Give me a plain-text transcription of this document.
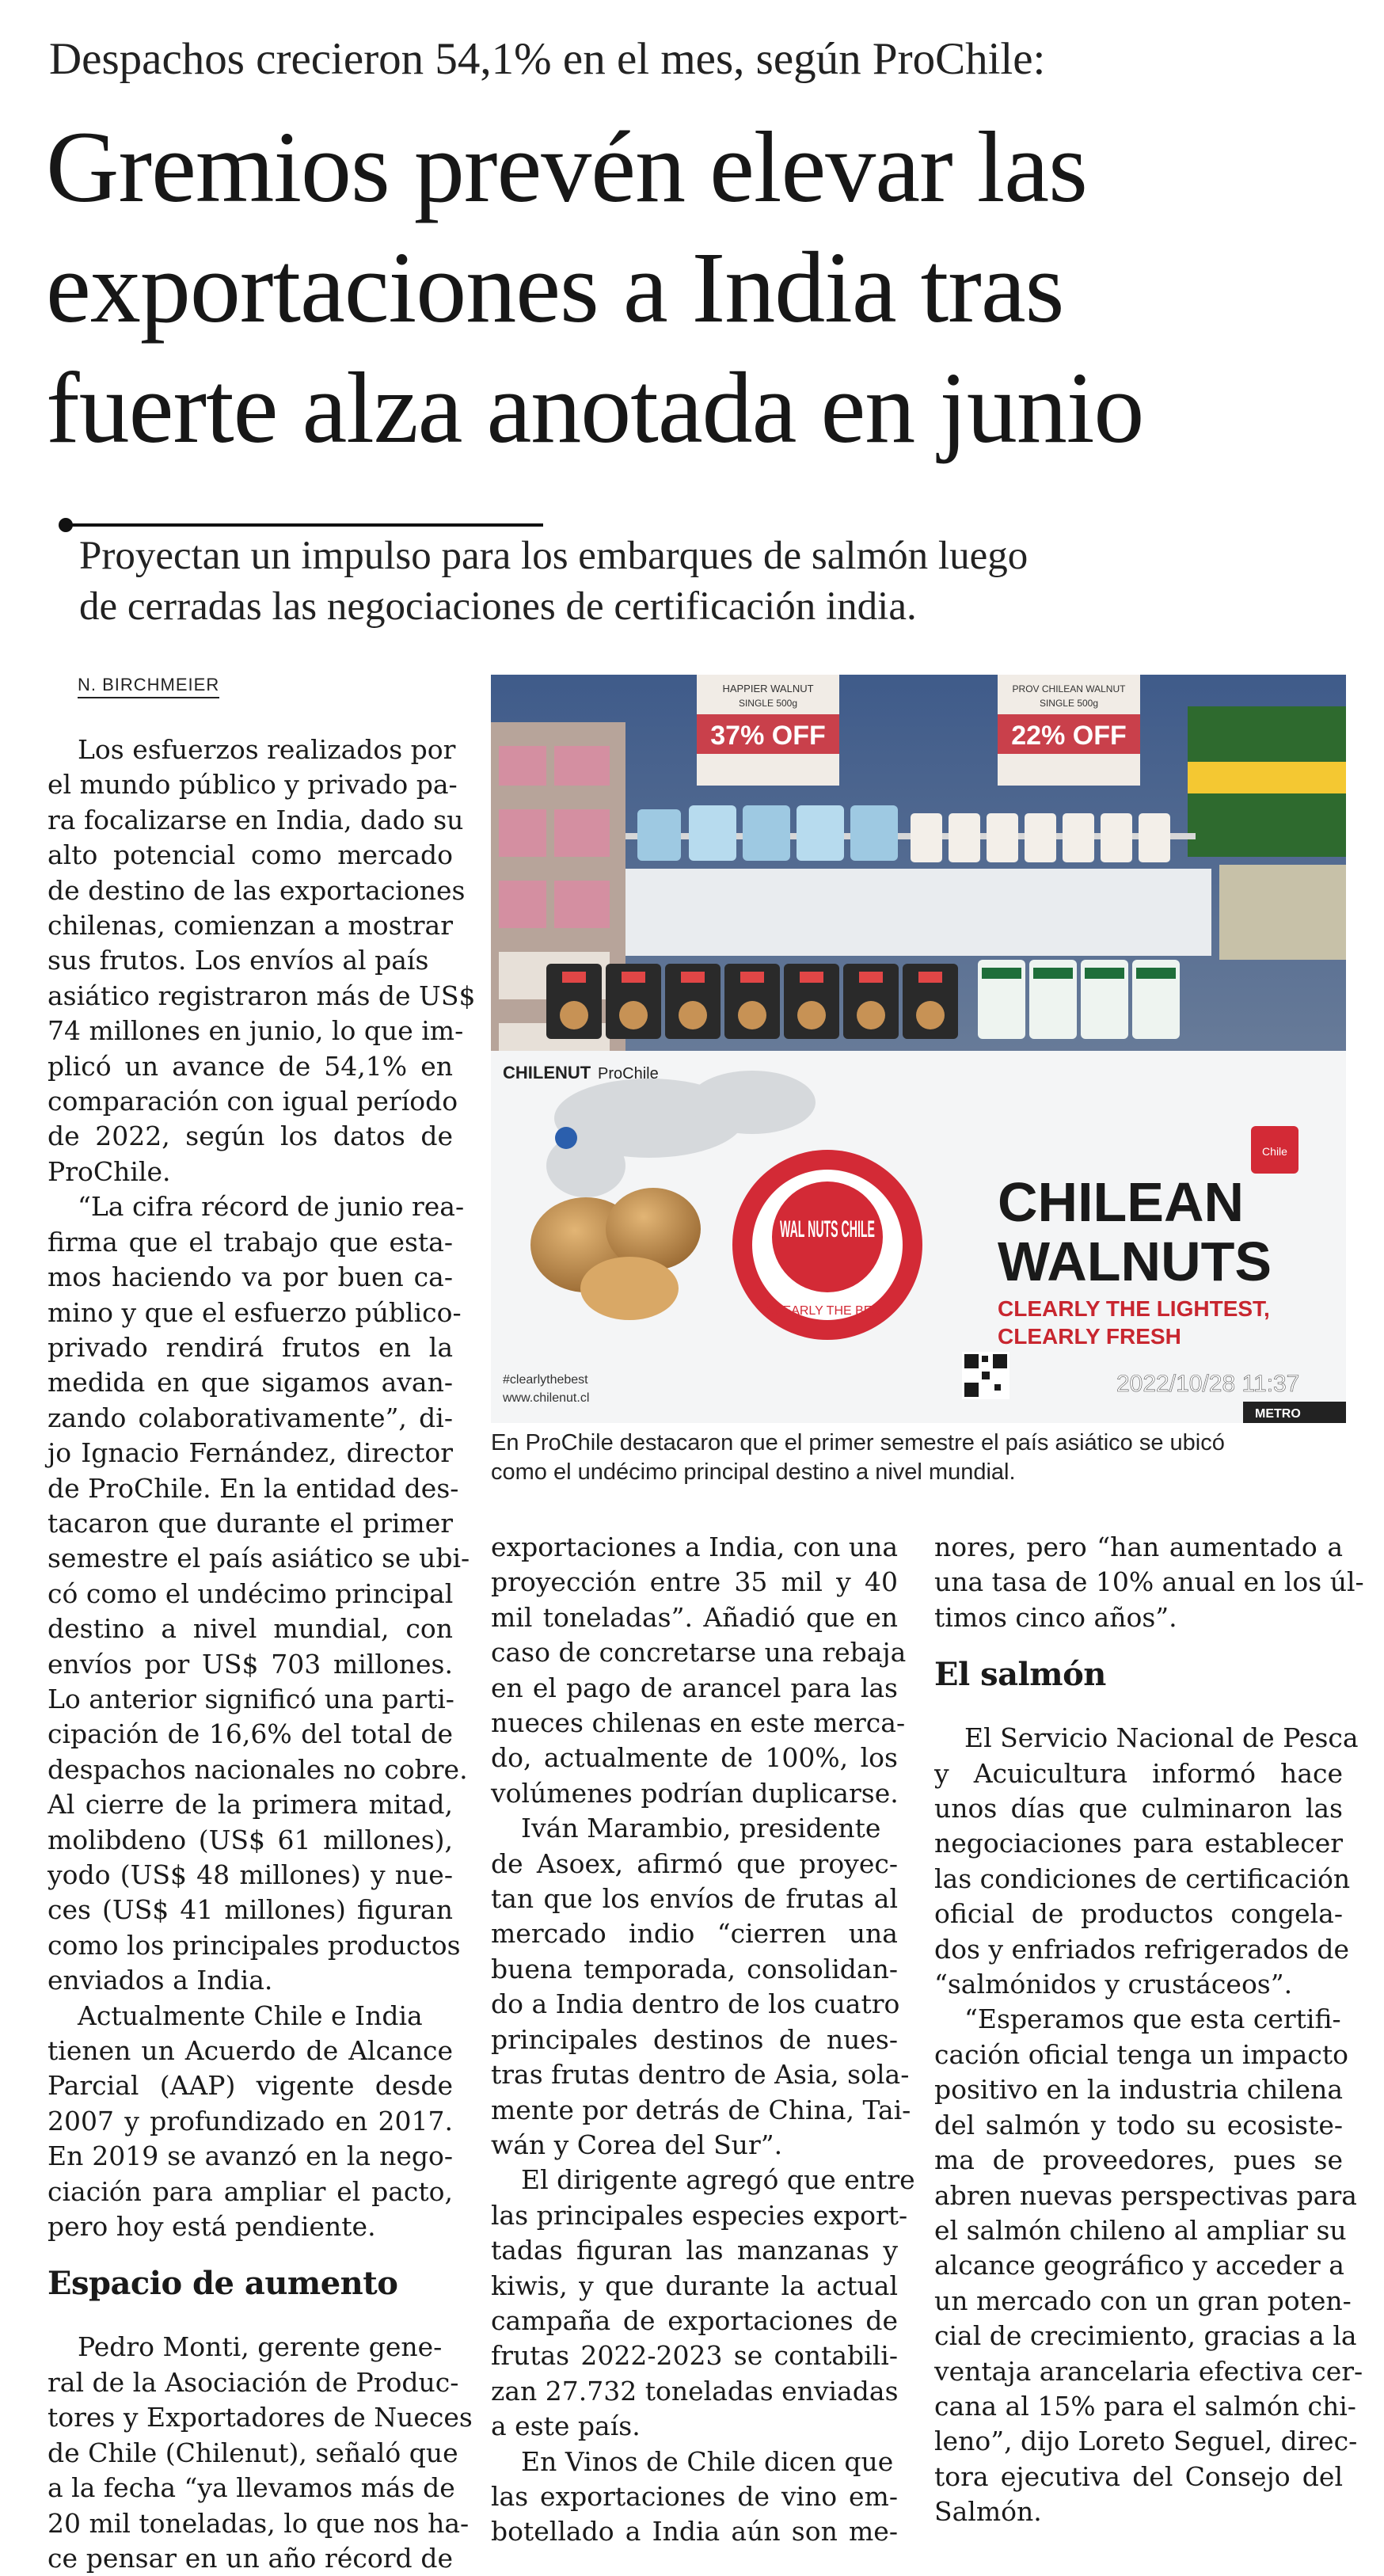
Despachos crecieron 54,1% en el mes, según ProChile:
Gremios prevén elevar las
exportaciones a India tras
fuerte alza anotada en junio
Proyectan un impulso para los embarques de salmón luego
de cerradas las negociaciones de certificación india.
N. BIRCHMEIER
Los esfuerzos realizados por
el mundo público y privado pa-
ra focalizarse en India, dado su
alto potencial como mercado
de destino de las exportaciones
chilenas, comienzan a mostrar
sus frutos. Los envíos al país
asiático registraron más de US$
74 millones en junio, lo que im-
plicó un avance de 54,1% en
comparación con igual período
de 2022, según los datos de
ProChile.
“La cifra récord de junio rea-
firma que el trabajo que esta-
mos haciendo va por buen ca-
mino y que el esfuerzo público-
privado rendirá frutos en la
medida en que sigamos avan-
zando colaborativamente”, di-
jo Ignacio Fernández, director
de ProChile. En la entidad des-
tacaron que durante el primer
semestre el país asiático se ubi-
có como el undécimo principal
destino a nivel mundial, con
envíos por US$ 703 millones.
Lo anterior significó una parti-
cipación de 16,6% del total de
despachos nacionales no cobre.
Al cierre de la primera mitad,
molibdeno (US$ 61 millones),
yodo (US$ 48 millones) y nue-
ces (US$ 41 millones) figuran
como los principales productos
enviados a India.
Actualmente Chile e India
tienen un Acuerdo de Alcance
Parcial (AAP) vigente desde
2007 y profundizado en 2017.
En 2019 se avanzó en la nego-
ciación para ampliar el pacto,
pero hoy está pendiente.
Espacio de aumento
Pedro Monti, gerente gene-
ral de la Asociación de Produc-
tores y Exportadores de Nueces
de Chile (Chilenut), señaló que
a la fecha “ya llevamos más de
20 mil toneladas, lo que nos ha-
ce pensar en un año récord de
exportaciones a India, con una
proyección entre 35 mil y 40
mil toneladas”. Añadió que en
caso de concretarse una rebaja
en el pago de arancel para las
nueces chilenas en este merca-
do, actualmente de 100%, los
volúmenes podrían duplicarse.
Iván Marambio, presidente
de Asoex, afirmó que proyec-
tan que los envíos de frutas al
mercado indio “cierren una
buena temporada, consolidan-
do a India dentro de los cuatro
principales destinos de nues-
tras frutas dentro de Asia, sola-
mente por detrás de China, Tai-
wán y Corea del Sur”.
El dirigente agregó que entre
las principales especies export-
tadas figuran las manzanas y
kiwis, y que durante la actual
campaña de exportaciones de
frutas 2022-2023 se contabili-
zan 27.732 toneladas enviadas
a este país.
En Vinos de Chile dicen que
las exportaciones de vino em-
botellado a India aún son me-
nores, pero “han aumentado a
una tasa de 10% anual en los úl-
timos cinco años”.
El salmón
El Servicio Nacional de Pesca
y Acuicultura informó hace
unos días que culminaron las
negociaciones para establecer
las condiciones de certificación
oficial de productos congela-
dos y enfriados refrigerados de
“salmónidos y crustáceos”.
“Esperamos que esta certifi-
cación oficial tenga un impacto
positivo en la industria chilena
del salmón y todo su ecosiste-
ma de proveedores, pues se
abren nuevas perspectivas para
el salmón chileno al ampliar su
alcance geográfico y acceder a
un mercado con un gran poten-
cial de crecimiento, gracias a la
ventaja arancelaria efectiva cer-
cana al 15% para el salmón chi-
leno”, dijo Loreto Seguel, direc-
tora ejecutiva del Consejo del
Salmón.
HAPPIER WALNUT
SINGLE 500g
37% OFF
PROV CHILEAN WALNUT
SINGLE 500g
22% OFF
CHILENUT ProChile
#clearlythebest
www.chilenut.cl
WAL NUTS CHILE
CLEARLY THE BEST
CHILEAN
WALNUTS
CLEARLY THE LIGHTEST,
CLEARLY FRESH
Chile
2022/10/28 11:37
METRO
En ProChile destacaron que el primer semestre el país asiático se ubicó
como el undécimo principal destino a nivel mundial.
